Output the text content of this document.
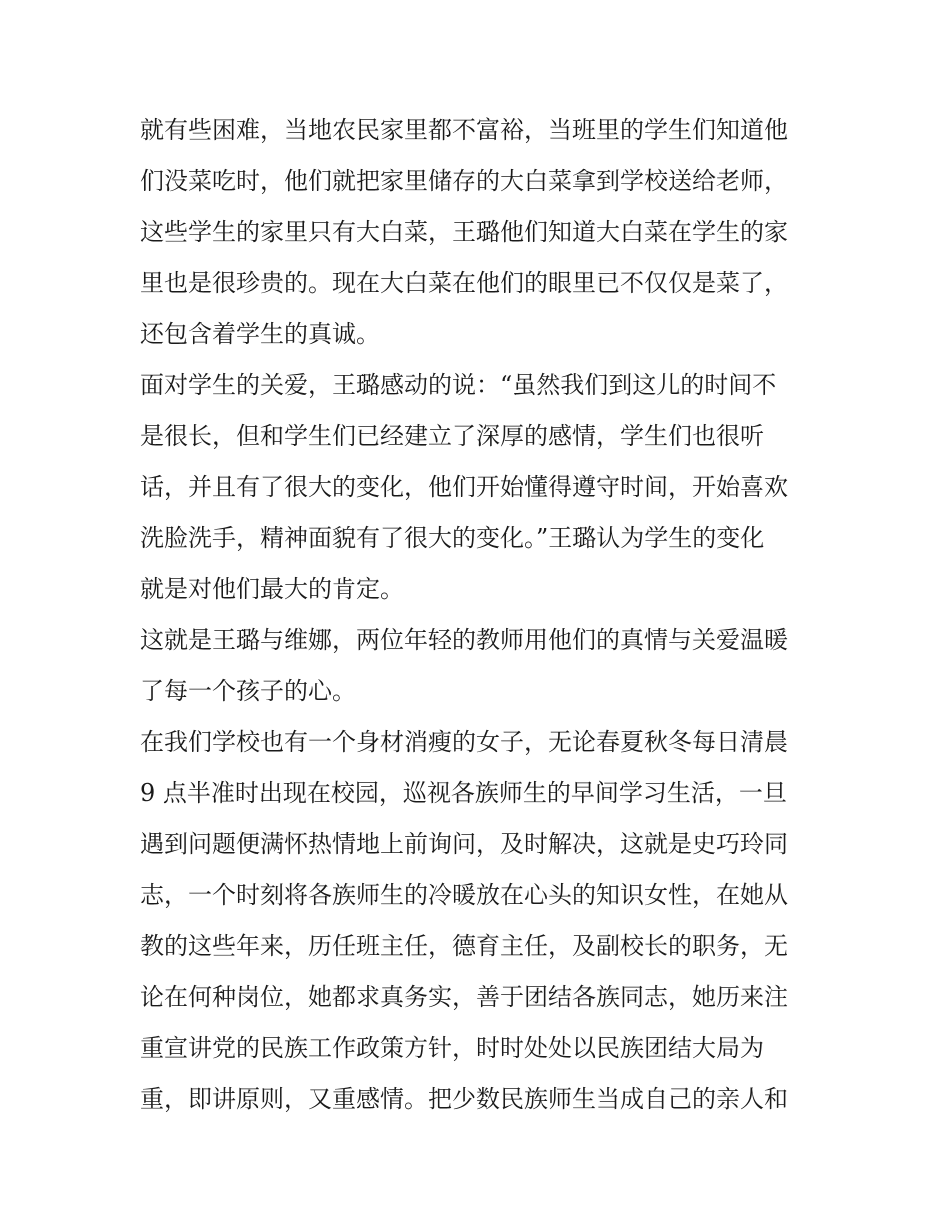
就有些困难，当地农民家里都不富裕，当班里的学生们知道他
们没菜吃时，他们就把家里储存的大白菜拿到学校送给老师，
这些学生的家里只有大白菜，王璐他们知道大白菜在学生的家
里也是很珍贵的。现在大白菜在他们的眼里已不仅仅是菜了，
还包含着学生的真诚。
面对学生的关爱，王璐感动的说：“虽然我们到这儿的时间不
是很长，但和学生们已经建立了深厚的感情，学生们也很听
话，并且有了很大的变化，他们开始懂得遵守时间，开始喜欢
洗脸洗手，精神面貌有了很大的变化。”王璐认为学生的变化
就是对他们最大的肯定。
这就是王璐与维娜，两位年轻的教师用他们的真情与关爱温暖
了每一个孩子的心。
在我们学校也有一个身材消瘦的女子，无论春夏秋冬每日清晨
9 点半准时出现在校园，巡视各族师生的早间学习生活，一旦
遇到问题便满怀热情地上前询问，及时解决，这就是史巧玲同
志，一个时刻将各族师生的冷暖放在心头的知识女性，在她从
教的这些年来，历任班主任，德育主任，及副校长的职务，无
论在何种岗位，她都求真务实，善于团结各族同志，她历来注
重宣讲党的民族工作政策方针，时时处处以民族团结大局为
重，即讲原则，又重感情。把少数民族师生当成自己的亲人和
